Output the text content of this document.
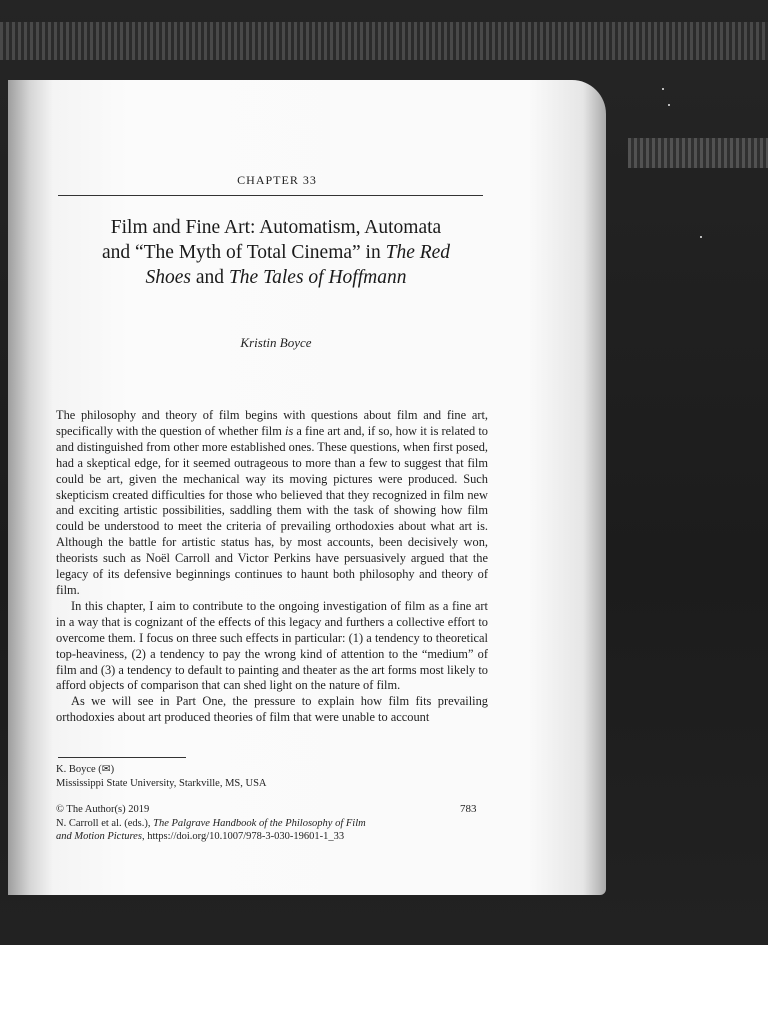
CHAPTER 33
Film and Fine Art: Automatism, Automata
and “The Myth of Total Cinema” in The Red
Shoes and The Tales of Hoffmann
Kristin Boyce

The philosophy and theory of film begins with questions about film and fine art, specifically with the question of whether film is a fine art and, if so, how it is related to and distinguished from other more established ones. These questions, when first posed, had a skeptical edge, for it seemed outrageous to more than a few to suggest that film could be art, given the mechanical way its moving pictures were produced. Such skepticism created difficulties for those who believed that they recognized in film new and exciting artistic possibilities, saddling them with the task of showing how film could be understood to meet the criteria of prevailing orthodoxies about what art is. Although the battle for artistic status has, by most accounts, been decisively won, theorists such as Noël Carroll and Victor Perkins have persuasively argued that the legacy of its defensive beginnings continues to haunt both philosophy and theory of film.

In this chapter, I aim to contribute to the ongoing investigation of film as a fine art in a way that is cognizant of the effects of this legacy and furthers a collective effort to overcome them. I focus on three such effects in particular: (1) a tendency to theoretical top-heaviness, (2) a tendency to pay the wrong kind of attention to the “medium” of film and (3) a tendency to default to painting and theater as the art forms most likely to afford objects of comparison that can shed light on the nature of film.

As we will see in Part One, the pressure to explain how film fits prevailing orthodoxies about art produced theories of film that were unable to account

K. Boyce (✉)
Mississippi State University, Starkville, MS, USA
© The Author(s) 2019
N. Carroll et al. (eds.), The Palgrave Handbook of the Philosophy of Film
and Motion Pictures, https://doi.org/10.1007/978-3-030-19601-1_33
783
